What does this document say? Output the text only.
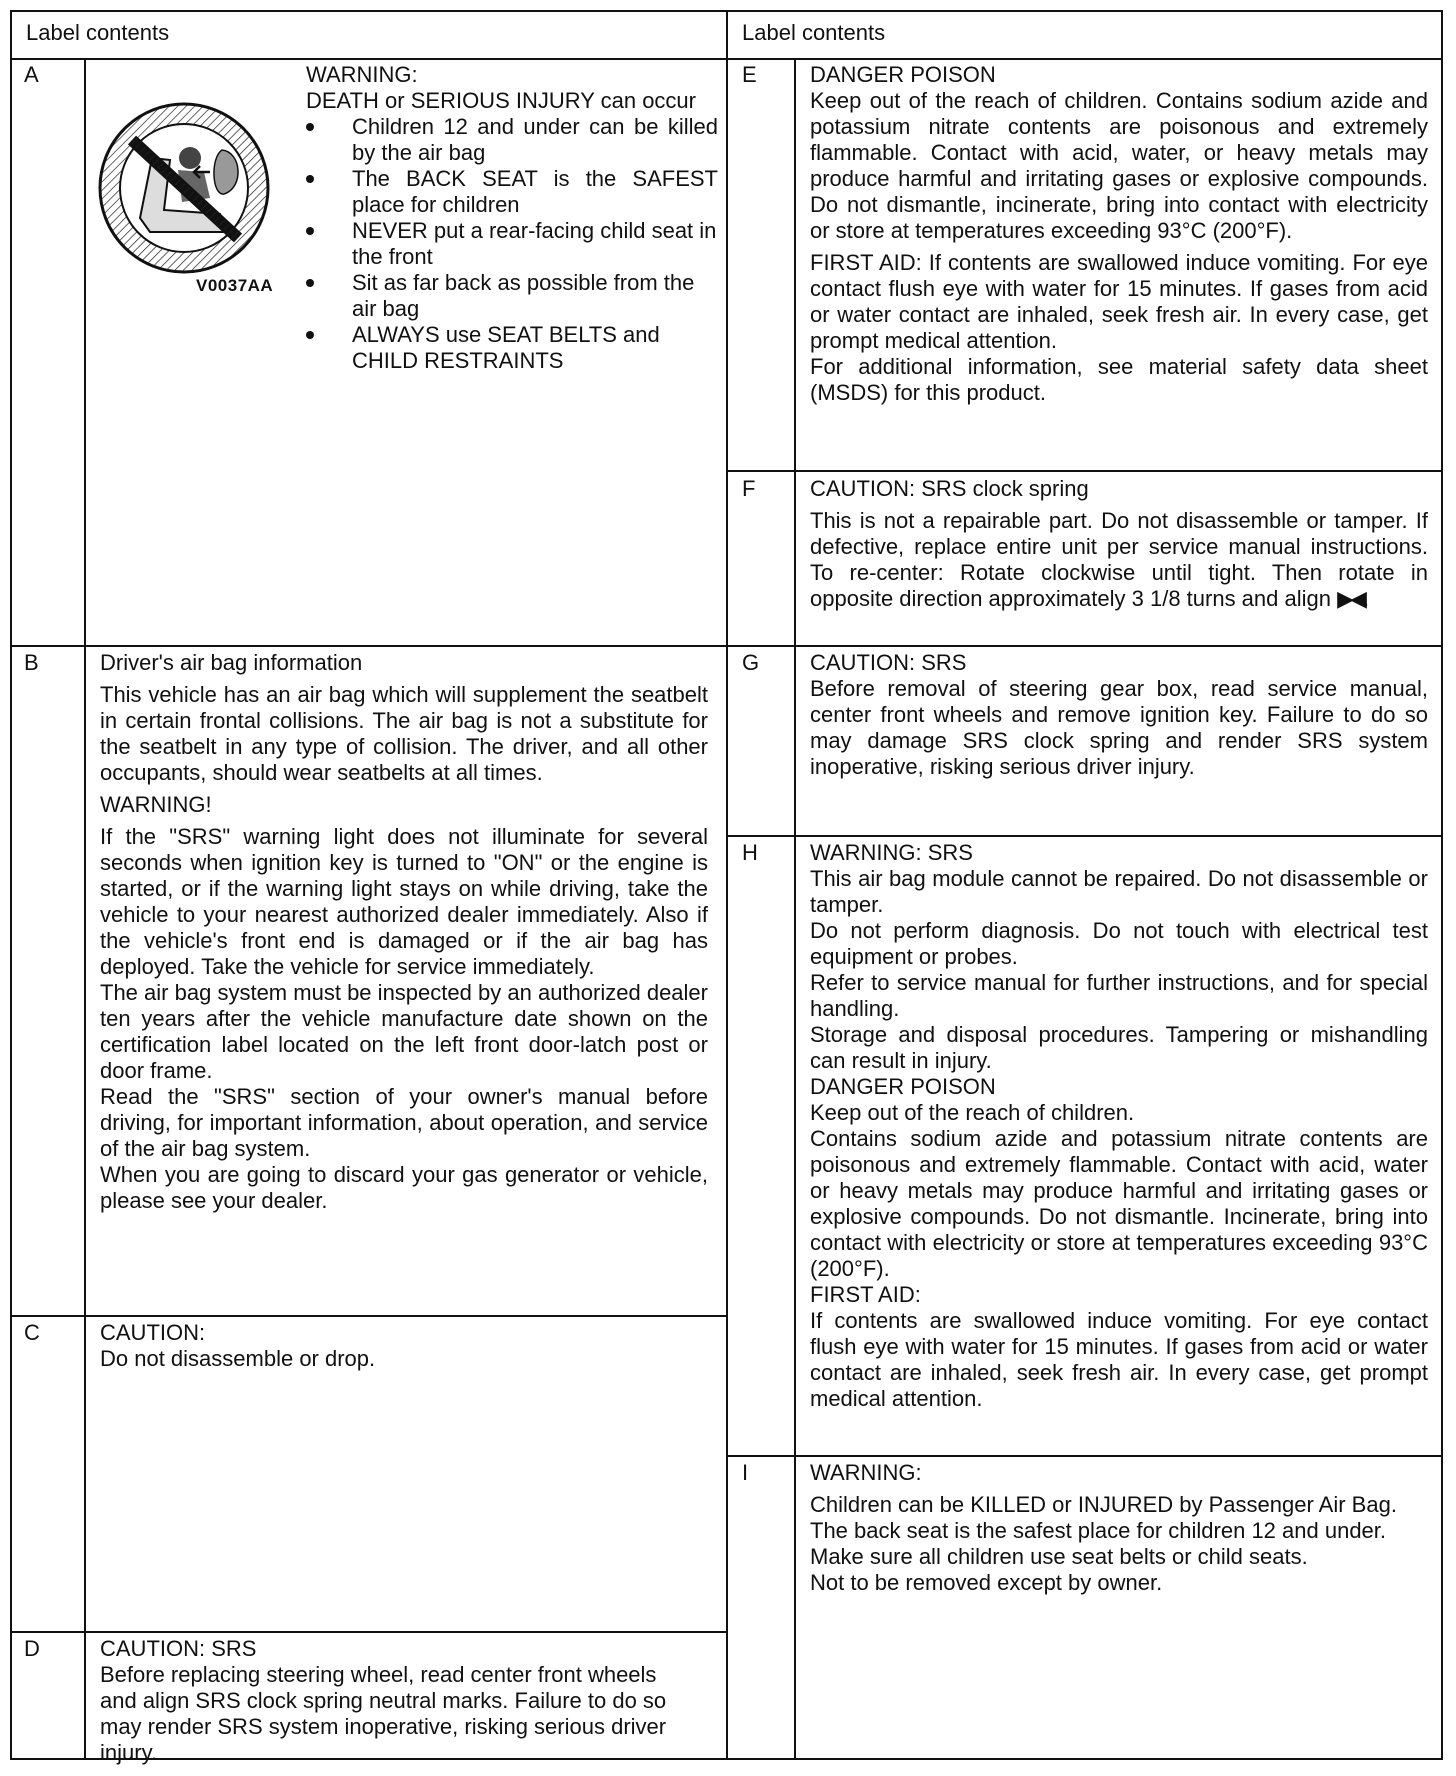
Label contents	Label contents
A
V0037AA

WARNING:

DEATH or SERIOUS INJURY can occur

Children 12 and under can be killed by the air bag
The BACK SEAT is the SAFEST place for children
NEVER put a rear-facing child seat in the front
Sit as far back as possible from the air bag
ALWAYS use SEAT BELTS and CHILD RESTRAINTS
B	Driver's air bag information

This vehicle has an air bag which will supplement the seatbelt in certain frontal collisions. The air bag is not a substitute for the seatbelt in any type of collision. The driver, and all other occupants, should wear seatbelts at all times.

WARNING!

If the "SRS" warning light does not illuminate for several seconds when ignition key is turned to "ON" or the engine is started, or if the warning light stays on while driving, take the vehicle to your nearest authorized dealer immediately. Also if the vehicle's front end is damaged or if the air bag has deployed. Take the vehicle for service immediately.

The air bag system must be inspected by an authorized dealer ten years after the vehicle manufacture date shown on the certification label located on the left front door-latch post or door frame.

Read the "SRS" section of your owner's manual before driving, for important information, about operation, and service of the air bag system.

When you are going to discard your gas generator or vehicle, please see your dealer.

C	CAUTION:

Do not disassemble or drop.

D	CAUTION: SRS

Before replacing steering wheel, read center front wheels and align SRS clock spring neutral marks. Failure to do so may render SRS system inoperative, risking serious driver injury.

E DANGER POISON

Keep out of the reach of children. Contains sodium azide and potassium nitrate contents are poisonous and extremely flammable. Contact with acid, water, or heavy metals may produce harmful and irritating gases or explosive compounds. Do not dismantle, incinerate, bring into contact with electricity or store at temperatures exceeding 93°C (200°F).

FIRST AID: If contents are swallowed induce vomiting. For eye contact flush eye with water for 15 minutes. If gases from acid or water contact are inhaled, seek fresh air. In every case, get prompt medical attention.

For additional information, see material safety data sheet (MSDS) for this product.

F CAUTION: SRS clock spring

This is not a repairable part. Do not disassemble or tamper. If defective, replace entire unit per service manual instructions. To re-center: Rotate clockwise until tight. Then rotate in opposite direction approximately 3 1/8 turns and align ▶◀.

G CAUTION: SRS

Before removal of steering gear box, read service manual, center front wheels and remove ignition key. Failure to do so may damage SRS clock spring and render SRS system inoperative, risking serious driver injury.

H WARNING: SRS

This air bag module cannot be repaired. Do not disassemble or tamper.

Do not perform diagnosis. Do not touch with electrical test equipment or probes.

Refer to service manual for further instructions, and for special handling.

Storage and disposal procedures. Tampering or mishandling can result in injury.

DANGER POISON

Keep out of the reach of children.

Contains sodium azide and potassium nitrate contents are poisonous and extremely flammable. Contact with acid, water or heavy metals may produce harmful and irritating gases or explosive compounds. Do not dismantle. Incinerate, bring into contact with electricity or store at temperatures exceeding 93°C (200°F).

FIRST AID:

If contents are swallowed induce vomiting. For eye contact flush eye with water for 15 minutes. If gases from acid or water contact are inhaled, seek fresh air. In every case, get prompt medical attention.

I	WARNING:

Children can be KILLED or INJURED by Passenger Air Bag.

The back seat is the safest place for children 12 and under.

Make sure all children use seat belts or child seats.

Not to be removed except by owner.
